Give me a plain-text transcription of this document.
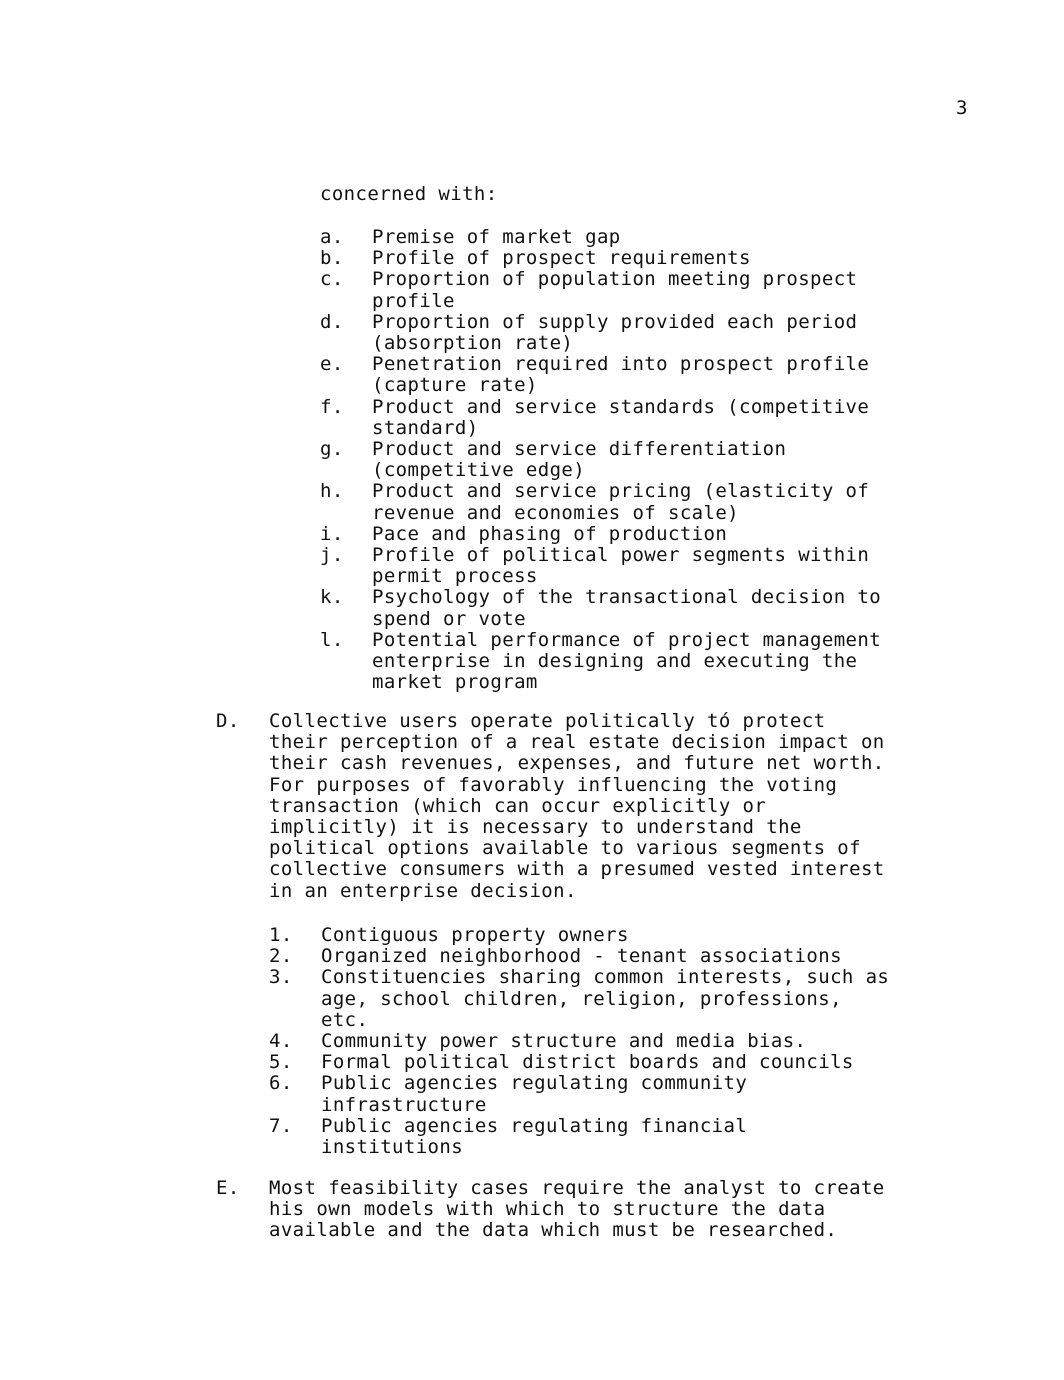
3
concerned with:
a.	Premise of market gap
b.	Profile of prospect requirements
c.	Proportion of population meeting prospect
profile
d.	Proportion of supply provided each period
(absorption rate)
e.	Penetration required into prospect profile
(capture rate)
f.	Product and service standards (competitive
standard)
g.	Product and service differentiation
(competitive edge)
h.	Product and service pricing (elasticity of
revenue and economies of scale)
i.	Pace and phasing of production
j.	Profile of political power segments within
permit process
k.	Psychology of the transactional decision to
spend or vote
l.	Potential performance of project management
enterprise in designing and executing the
market program
D.	Collective users operate politically tó protect
their perception of a real estate decision impact on
their cash revenues, expenses, and future net worth.
For purposes of favorably influencing the voting
transaction (which can occur explicitly or
implicitly) it is necessary to understand the
political options available to various segments of
collective consumers with a presumed vested interest
in an enterprise decision.
1.	Contiguous property owners
2.	Organized neighborhood - tenant associations
3.	Constituencies sharing common interests, such as
age, school children, religion, professions,
etc.
4.	Community power structure and media bias.
5.	Formal political district boards and councils
6.	Public agencies regulating community
infrastructure
7.	Public agencies regulating financial
institutions
E.	Most feasibility cases require the analyst to create
his own models with which to structure the data
available and the data which must be researched.
